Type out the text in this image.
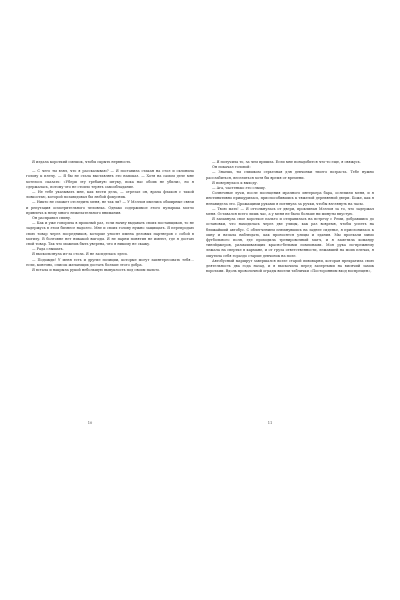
Я издала короткий смешок, чтобы скрыть нервность.

— С чего ты взял, что я рассказываю? — Я поставила стакан на стол и склонила голову к плечу. — Я бы не стала выставлять это напоказ. — Хотя на самом деле мне хотелось сказать: «Убери эту гребаную штуку, пока нас обоих не убили», но я сдержалась, потому что не стоило терять самообладание.

— Не тебе указывать мне, как вести дела, — отрезал он, врача флакон с такой ловкостью, которой позавидовал бы любой фокусник.

— Никто не сможет отследить меня, не так ли? — У Мэллоя имелись обширные связи и репутация осмотрительного человека. Однако содержимое этого пузырька могло привлечь к нему много нежелательного внимания.

Он расправил спину.

— Как и уже говорила в прошлый раз, если начну выдавать своих поставщиков, то не задержусь в этом бизнесе надолго. Мне и своих голову нужно защищать. Я перепродаю свою товар через посредников, которые уносят имена деловых партнеров с собой в могилу. В болтовне нет никакой выгоды. Я не парни понятия не имеют, где я достаю свой товар. Так что можешь быть уверена, что я никому не скажу.

— Рада слышать.

Я выскользнула из-за стола. Я не засиделась здесь.

— Подожди! У меня есть и другие позиции, которые могут заинтересовать тебя… если, конечно, список желающих достать больше этого добра.

Я встала и накрыла рукой небольшую выпуклость под своим пальто.

10

— Я получила то, за чем пришла. Если мне понадобится что-то еще, я свяжусь.

Он покачал головой:

— Знаешь, ты слишком серьезная для девчонки твоего возраста. Тебе нужно расслабиться, веселиться хотя бы время от времени.

Я повернулась к выходу.

— Ага, частенько это слышу.

Солнечные лучи, после посещения мрачного интерьера бара, ослепили меня, и я инстинктивно прищурилась, приспособившись к тяжелой деревянной двери. Боже, как я ненавидела это. Дрожащими руками я потянула за ручки, чтобы взглянуть на часы.

— Твою мать! — Я оттолкнулась от двери, проклиная Мэллоя за то, что задержал меня. Оставался всего лишь час, а у меня не было больше ни минуты впустую.

Я запахнула свое короткое пальто и отправилась на встречу с Реми, добравшись до остановки, что находилась через две улицы, как раз вовремя, чтобы успеть на ближайший автобус. С облегчением плюхнувшись на заднее сиденье, я прислонилась к окну и начала наблюдать, как проносятся улицы и здания. Мы проехали мимо футбольного поля, где проходила тренировочный матч, и я заметила команду тинэйджеров, размахивающих красно-белыми помпонами. Моя рука по-прежнему лежала на свертке в кармане, и от груза ответственности, лежавшей на моих плечах, я ощутила себя гораздо старше девчонок на поле.

Автобусный маршрут завершался возле старой пивоварни, которая прекратила свою деятельность два года назад, и я выскочила перед запертыми на висячий замок воротами. Вдоль проволочной ограды висели таблички «Посторонним вход воспрещен»,

11
